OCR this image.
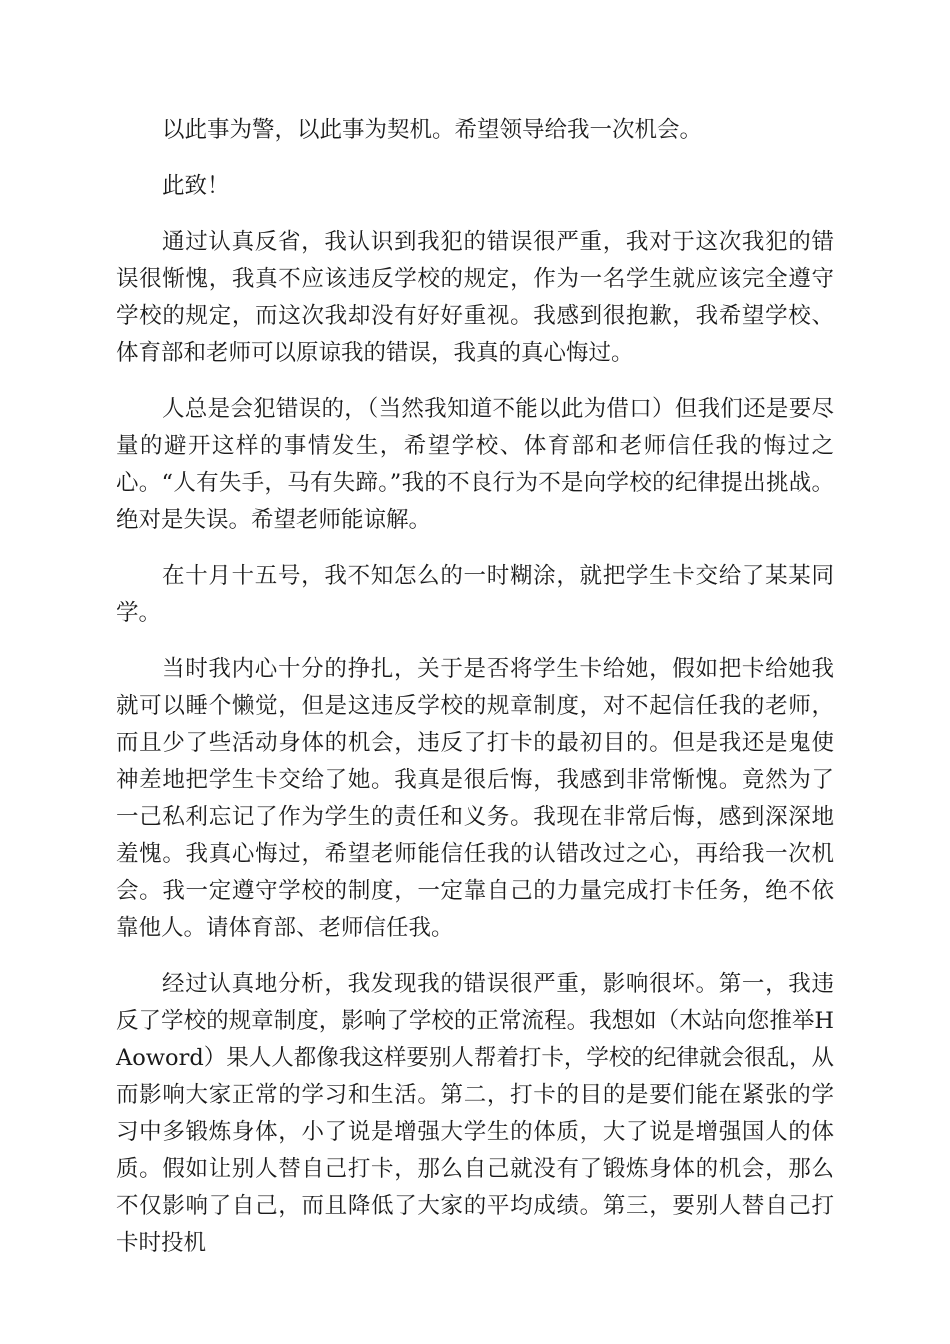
以此事为警，以此事为契机。希望领导给我一次机会。

此致！

通过认真反省，我认识到我犯的错误很严重，我对于这次我犯的错误很惭愧，我真不应该违反学校的规定，作为一名学生就应该完全遵守学校的规定，而这次我却没有好好重视。我感到很抱歉，我希望学校、体育部和老师可以原谅我的错误，我真的真心悔过。

人总是会犯错误的，（当然我知道不能以此为借口）但我们还是要尽量的避开这样的事情发生，希望学校、体育部和老师信任我的悔过之心。“人有失手，马有失蹄。”我的不良行为不是向学校的纪律提出挑战。绝对是失误。希望老师能谅解。

在十月十五号，我不知怎么的一时糊涂，就把学生卡交给了某某同学。

当时我内心十分的挣扎，关于是否将学生卡给她，假如把卡给她我就可以睡个懒觉，但是这违反学校的规章制度，对不起信任我的老师，而且少了些活动身体的机会，违反了打卡的最初目的。但是我还是鬼使神差地把学生卡交给了她。我真是很后悔，我感到非常惭愧。竟然为了一己私利忘记了作为学生的责任和义务。我现在非常后悔，感到深深地羞愧。我真心悔过，希望老师能信任我的认错改过之心，再给我一次机会。我一定遵守学校的制度，一定靠自己的力量完成打卡任务，绝不依靠他人。请体育部、老师信任我。

经过认真地分析，我发现我的错误很严重，影响很坏。第一，我违反了学校的规章制度，影响了学校的正常流程。我想如（木站向您推举HAoword）果人人都像我这样要别人帮着打卡，学校的纪律就会很乱，从而影响大家正常的学习和生活。第二，打卡的目的是要们能在紧张的学习中多锻炼身体，小了说是增强大学生的体质，大了说是增强国人的体质。假如让别人替自己打卡，那么自己就没有了锻炼身体的机会，那么不仅影响了自己，而且降低了大家的平均成绩。第三，要别人替自己打卡时投机
